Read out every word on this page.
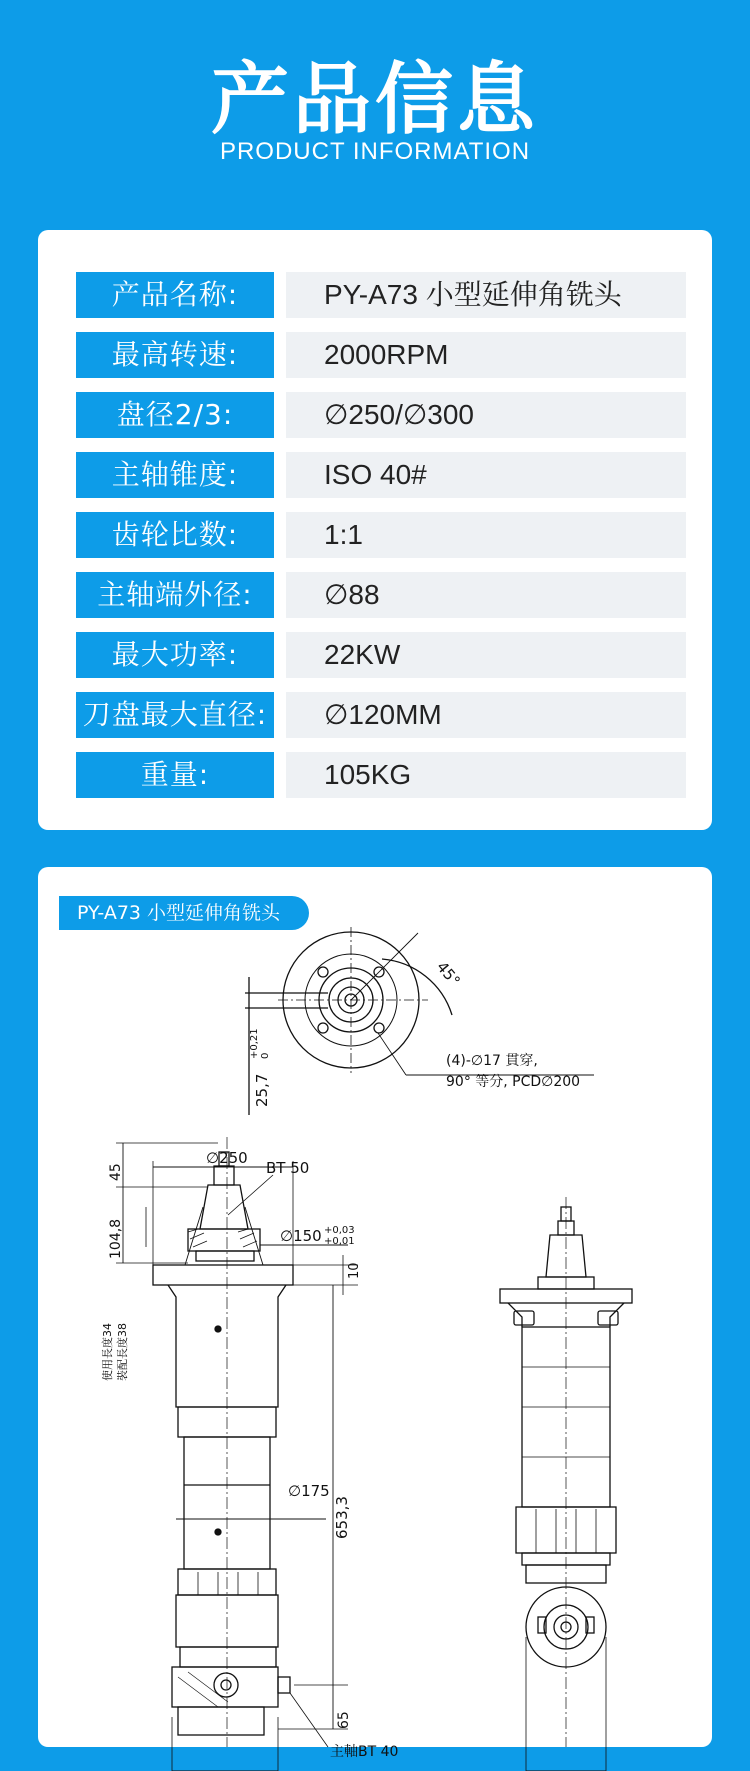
产品信息
PRODUCT INFORMATION
产品名称:	PY-A73 小型延伸角铣头
最高转速:	2000RPM
盘径2/3:	∅250/∅300
主轴锥度:	ISO 40#
齿轮比数:	1:1
主轴端外径:	∅88
最大功率:	22KW
刀盘最大直径:	∅120MM
重量:	105KG
45°
(4)-∅17 貫穿,
90° 等分, PCD∅200
25,7
+0,21 0
∅250
BT 50
45
104,8	∅150 +0,03
+0,01
10
使用長度34 裝配長度38
653,3
∅175
65
主軸BT 40
PY-A73 小型延伸角铣头
